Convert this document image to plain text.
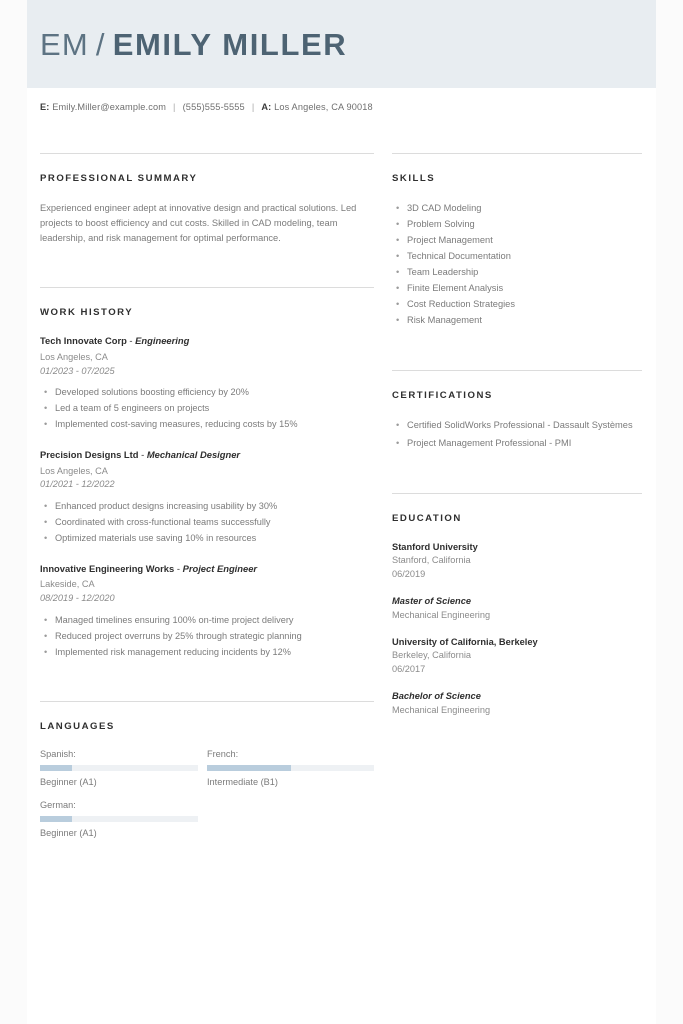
EM / EMILY MILLER
E: Emily.Miller@example.com | (555)555-5555 | A: Los Angeles, CA 90018
PROFESSIONAL SUMMARY

Experienced engineer adept at innovative design and practical solutions. Led projects to boost efficiency and cut costs. Skilled in CAD modeling, team leadership, and risk management for optimal performance.

WORK HISTORY
Tech Innovate Corp - Engineering
Los Angeles, CA
01/2023 - 07/2025
• Developed solutions boosting efficiency by 20%
• Led a team of 5 engineers on projects
• Implemented cost-saving measures, reducing costs by 15%
Precision Designs Ltd - Mechanical Designer
Los Angeles, CA
01/2021 - 12/2022
• Enhanced product designs increasing usability by 30%
• Coordinated with cross-functional teams successfully
• Optimized materials use saving 10% in resources
Innovative Engineering Works - Project Engineer
Lakeside, CA
08/2019 - 12/2020
• Managed timelines ensuring 100% on-time project delivery
• Reduced project overruns by 25% through strategic planning
• Implemented risk management reducing incidents by 12%
LANGUAGES
Spanish:
Beginner (A1)
French:
Intermediate (B1)
German:
Beginner (A1)
SKILLS
• 3D CAD Modeling
• Problem Solving
• Project Management
• Technical Documentation
• Team Leadership
• Finite Element Analysis
• Cost Reduction Strategies
• Risk Management
CERTIFICATIONS
• Certified SolidWorks Professional - Dassault Systèmes
• Project Management Professional - PMI
EDUCATION
Stanford University
Stanford, California
06/2019
Master of Science
Mechanical Engineering
University of California, Berkeley
Berkeley, California
06/2017
Bachelor of Science
Mechanical Engineering
